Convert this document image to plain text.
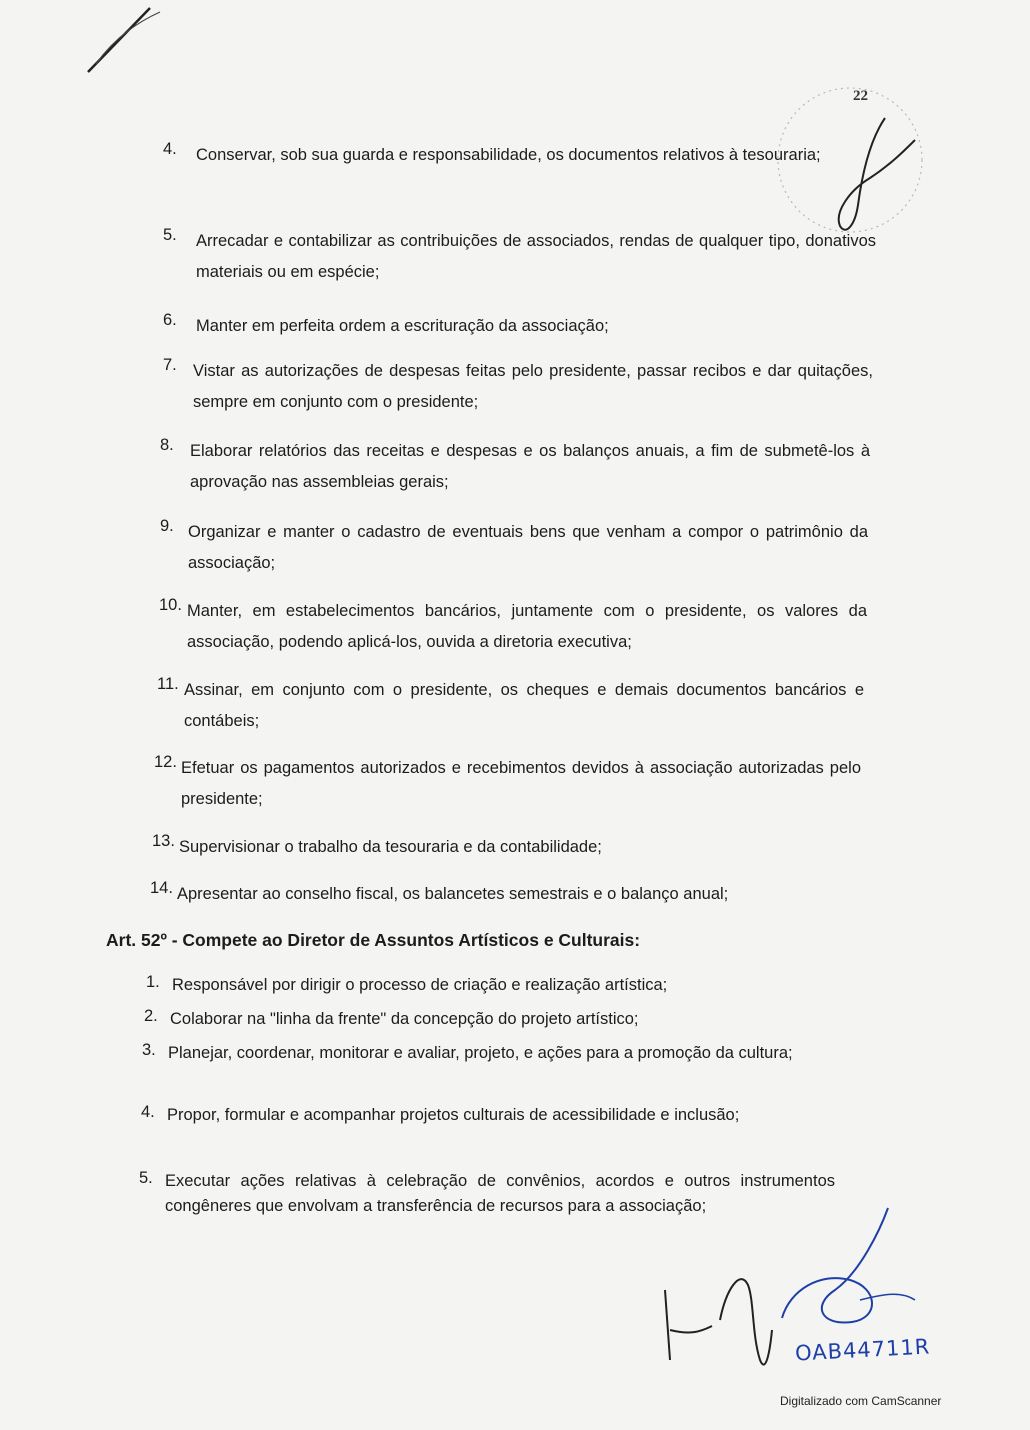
22
4. Conservar, sob sua guarda e responsabilidade, os documentos relativos à tesouraria;
5. Arrecadar e contabilizar as contribuições de associados, rendas de qualquer tipo, donativos materiais ou em espécie;
6. Manter em perfeita ordem a escrituração da associação;
7. Vistar as autorizações de despesas feitas pelo presidente, passar recibos e dar quitações, sempre em conjunto com o presidente;
8. Elaborar relatórios das receitas e despesas e os balanços anuais, a fim de submetê-los à aprovação nas assembleias gerais;
9. Organizar e manter o cadastro de eventuais bens que venham a compor o patrimônio da associação;
10. Manter, em estabelecimentos bancários, juntamente com o presidente, os valores da associação, podendo aplicá-los, ouvida a diretoria executiva;
11. Assinar, em conjunto com o presidente, os cheques e demais documentos bancários e contábeis;
12. Efetuar os pagamentos autorizados e recebimentos devidos à associação autorizadas pelo presidente;
13. Supervisionar o trabalho da tesouraria e da contabilidade;
14. Apresentar ao conselho fiscal, os balancetes semestrais e o balanço anual;
Art. 52º - Compete ao Diretor de Assuntos Artísticos e Culturais:
1. Responsável por dirigir o processo de criação e realização artística;
2. Colaborar na "linha da frente" da concepção do projeto artístico;
3. Planejar, coordenar, monitorar e avaliar, projeto, e ações para a promoção da cultura;
4. Propor, formular e acompanhar projetos culturais de acessibilidade e inclusão;
5. Executar ações relativas à celebração de convênios, acordos e outros instrumentos congêneres que envolvam a transferência de recursos para a associação;
OAB44711R
Digitalizado com CamScanner
